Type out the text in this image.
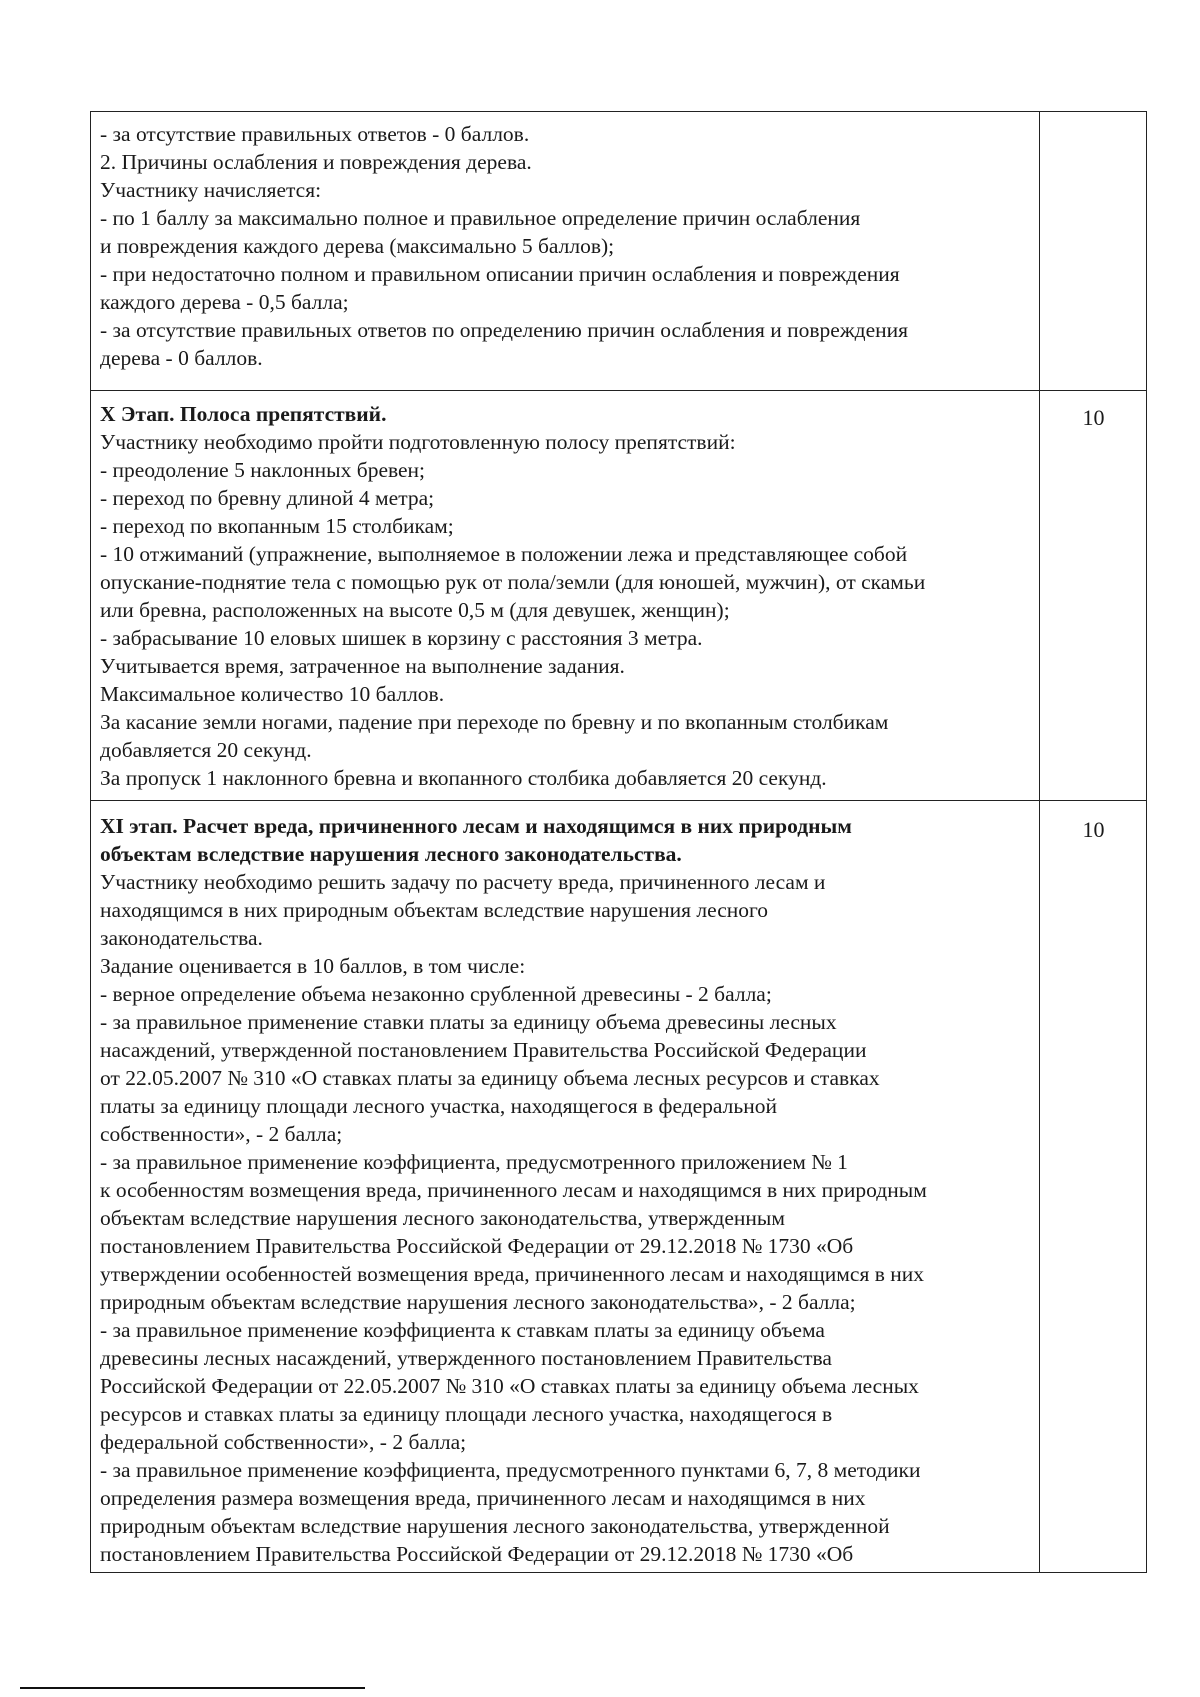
- за отсутствие правильных ответов - 0 баллов.
2. Причины ослабления и повреждения дерева.
Участнику начисляется:
- по 1 баллу за максимально полное и правильное определение причин ослабления
и повреждения каждого дерева (максимально 5 баллов);
- при недостаточно полном и правильном описании причин ослабления и повреждения
каждого дерева - 0,5 балла;
- за отсутствие правильных ответов по определению причин ослабления и повреждения
дерева - 0 баллов.
X Этап. Полоса препятствий.
Участнику необходимо пройти подготовленную полосу препятствий:
- преодоление 5 наклонных бревен;
- переход по бревну длиной 4 метра;
- переход по вкопанным 15 столбикам;
- 10 отжиманий (упражнение, выполняемое в положении лежа и представляющее собой
опускание-поднятие тела с помощью рук от пола/земли (для юношей, мужчин), от скамьи
или бревна, расположенных на высоте 0,5 м (для девушек, женщин);
- забрасывание 10 еловых шишек в корзину с расстояния 3 метра.
Учитывается время, затраченное на выполнение задания.
Максимальное количество 10 баллов.
За касание земли ногами, падение при переходе по бревну и по вкопанным столбикам
добавляется 20 секунд.
За пропуск 1 наклонного бревна и вкопанного столбика добавляется 20 секунд.
10
XI этап. Расчет вреда, причиненного лесам и находящимся в них природным
объектам вследствие нарушения лесного законодательства.
Участнику необходимо решить задачу по расчету вреда, причиненного лесам и
находящимся в них природным объектам вследствие нарушения лесного
законодательства.
Задание оценивается в 10 баллов, в том числе:
- верное определение объема незаконно срубленной древесины - 2 балла;
- за правильное применение ставки платы за единицу объема древесины лесных
насаждений, утвержденной постановлением Правительства Российской Федерации
от 22.05.2007 № 310 «О ставках платы за единицу объема лесных ресурсов и ставках
платы за единицу площади лесного участка, находящегося в федеральной
собственности», - 2 балла;
- за правильное применение коэффициента, предусмотренного приложением № 1
к особенностям возмещения вреда, причиненного лесам и находящимся в них природным
объектам вследствие нарушения лесного законодательства, утвержденным
постановлением Правительства Российской Федерации от 29.12.2018 № 1730 «Об
утверждении особенностей возмещения вреда, причиненного лесам и находящимся в них
природным объектам вследствие нарушения лесного законодательства», - 2 балла;
- за правильное применение коэффициента к ставкам платы за единицу объема
древесины лесных насаждений, утвержденного постановлением Правительства
Российской Федерации от 22.05.2007 № 310 «О ставках платы за единицу объема лесных
ресурсов и ставках платы за единицу площади лесного участка, находящегося в
федеральной собственности», - 2 балла;
- за правильное применение коэффициента, предусмотренного пунктами 6, 7, 8 методики
определения размера возмещения вреда, причиненного лесам и находящимся в них
природным объектам вследствие нарушения лесного законодательства, утвержденной
постановлением Правительства Российской Федерации от 29.12.2018 № 1730 «Об
10
